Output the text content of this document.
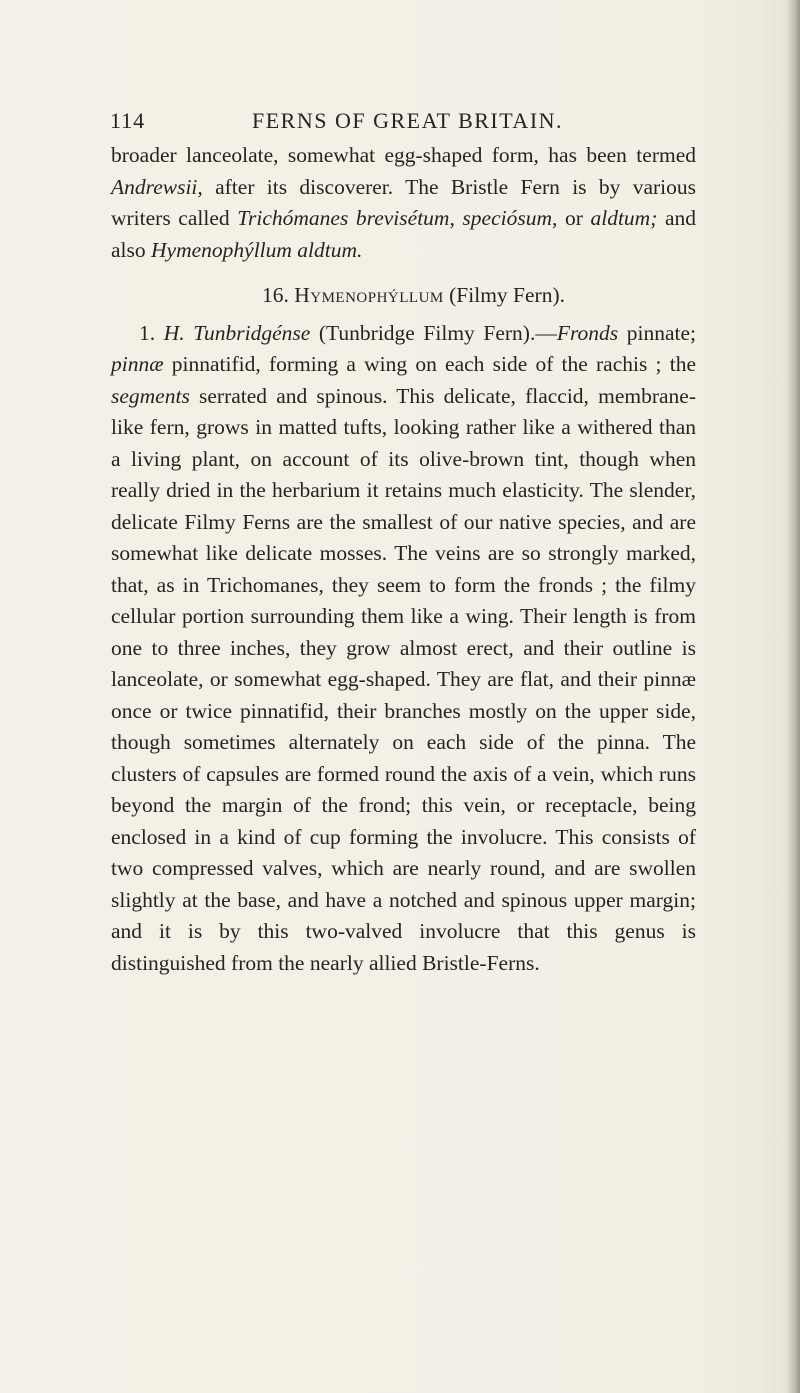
114	FERNS OF GREAT BRITAIN.

broader lanceolate, somewhat egg-shaped form, has been termed Andrewsii, after its discoverer. The Bristle Fern is by various writers called Trichómanes brevisétum, speciósum, or aldtum; and also Hymenophýllum aldtum.

16. Hymenophýllum (Filmy Fern).

1. H. Tunbridgénse (Tunbridge Filmy Fern).—Fronds pinnate; pinnæ pinnatifid, forming a wing on each side of the rachis ; the segments serrated and spinous. This delicate, flaccid, membrane-like fern, grows in matted tufts, looking rather like a withered than a living plant, on account of its olive-brown tint, though when really dried in the herbarium it retains much elasticity. The slender, delicate Filmy Ferns are the smallest of our native species, and are somewhat like delicate mosses. The veins are so strongly marked, that, as in Trichomanes, they seem to form the fronds ; the filmy cellular portion surrounding them like a wing. Their length is from one to three inches, they grow almost erect, and their outline is lanceolate, or somewhat egg-shaped. They are flat, and their pinnæ once or twice pinnatifid, their branches mostly on the upper side, though sometimes alternately on each side of the pinna. The clusters of capsules are formed round the axis of a vein, which runs beyond the margin of the frond; this vein, or receptacle, being enclosed in a kind of cup forming the involucre. This consists of two compressed valves, which are nearly round, and are swollen slightly at the base, and have a notched and spinous upper margin; and it is by this two-valved involucre that this genus is distinguished from the nearly allied Bristle-Ferns.
